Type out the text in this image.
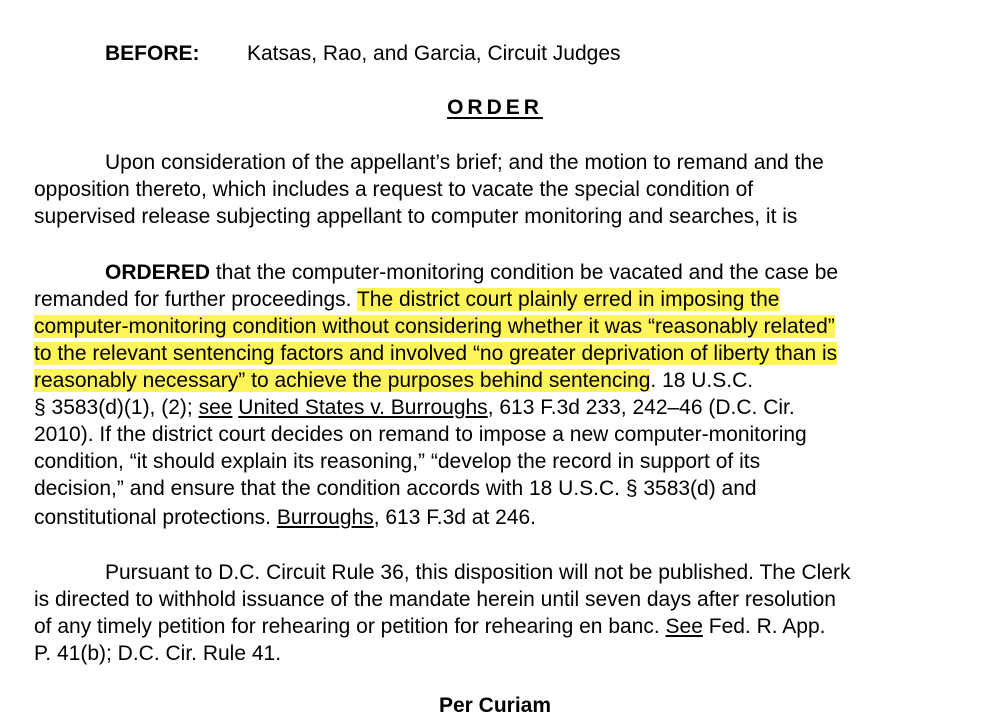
BEFORE: Katsas, Rao, and Garcia, Circuit Judges
ORDER
Upon consideration of the appellant’s brief; and the motion to remand and the
opposition thereto, which includes a request to vacate the special condition of
supervised release subjecting appellant to computer monitoring and searches, it is
ORDERED that the computer-monitoring condition be vacated and the case be
remanded for further proceedings. The district court plainly erred in imposing the
computer-monitoring condition without considering whether it was “reasonably related”
to the relevant sentencing factors and involved “no greater deprivation of liberty than is
reasonably necessary” to achieve the purposes behind sentencing. 18 U.S.C.
§ 3583(d)(1), (2); see United States v. Burroughs, 613 F.3d 233, 242–46 (D.C. Cir.
2010). If the district court decides on remand to impose a new computer-monitoring
condition, “it should explain its reasoning,” “develop the record in support of its
decision,” and ensure that the condition accords with 18 U.S.C. § 3583(d) and
constitutional protections. Burroughs, 613 F.3d at 246.
Pursuant to D.C. Circuit Rule 36, this disposition will not be published. The Clerk
is directed to withhold issuance of the mandate herein until seven days after resolution
of any timely petition for rehearing or petition for rehearing en banc. See Fed. R. App.
P. 41(b); D.C. Cir. Rule 41.
Per Curiam
